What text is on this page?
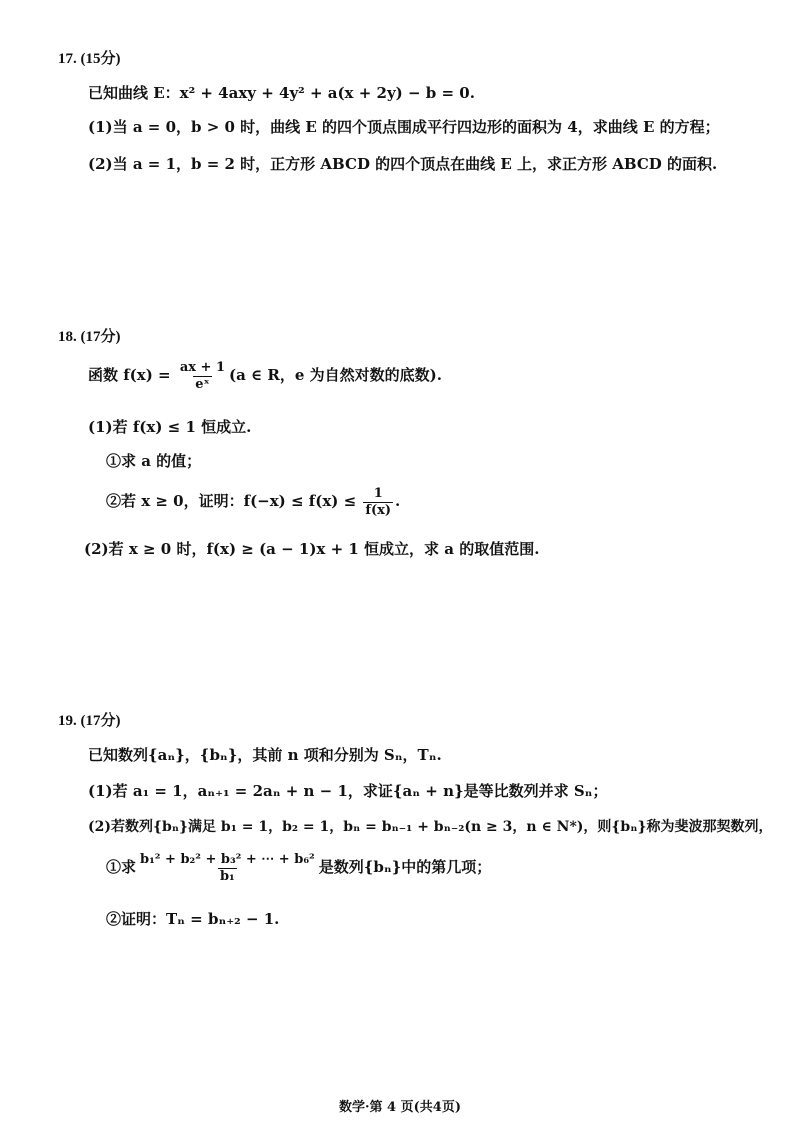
17. (15分)
已知曲线 E：x² + 4axy + 4y² + a(x + 2y) − b = 0.
(1)当 a = 0，b > 0 时，曲线 E 的四个顶点围成平行四边形的面积为 4，求曲线 E 的方程；
(2)当 a = 1，b = 2 时，正方形 ABCD 的四个顶点在曲线 E 上，求正方形 ABCD 的面积.
18. (17分)
函数 $f(x) = \frac{ax + 1}{\text{eˣ}} (a$ ∈ R，e 为自然对数的底数).
(1)若 f(x) ≤ 1 恒成立.
①求 a 的值；
②若 x ≥ 0，证明：$f(-x) \le f(x) \le \frac{1}{f(x)}$ .
(2)若 x ≥ 0 时，f(x) ≥ (a − 1)x + 1 恒成立，求 a 的取值范围.
19. (17分)
已知数列{aₙ}，{bₙ}，其前 n 项和分别为 Sₙ，Tₙ.
(1)若 a₁ = 1，aₙ₊₁ = 2aₙ + n − 1，求证{aₙ + n}是等比数列并求 Sₙ；
(2)若数列{bₙ}满足 b₁ = 1，b₂ = 1，bₙ = bₙ₋₁ + bₙ₋₂(n ≥ 3，n ∈ N*)，则{bₙ}称为斐波那契数列，
①求 $\frac{\text{b₁² + b₂² + b₃² + ⋯ + b₆²}}{\text{b₁}}$ 是数列{bₙ}中的第几项；
②证明：Tₙ = bₙ₊₂ − 1.
数学·第 4 页(共4页)
